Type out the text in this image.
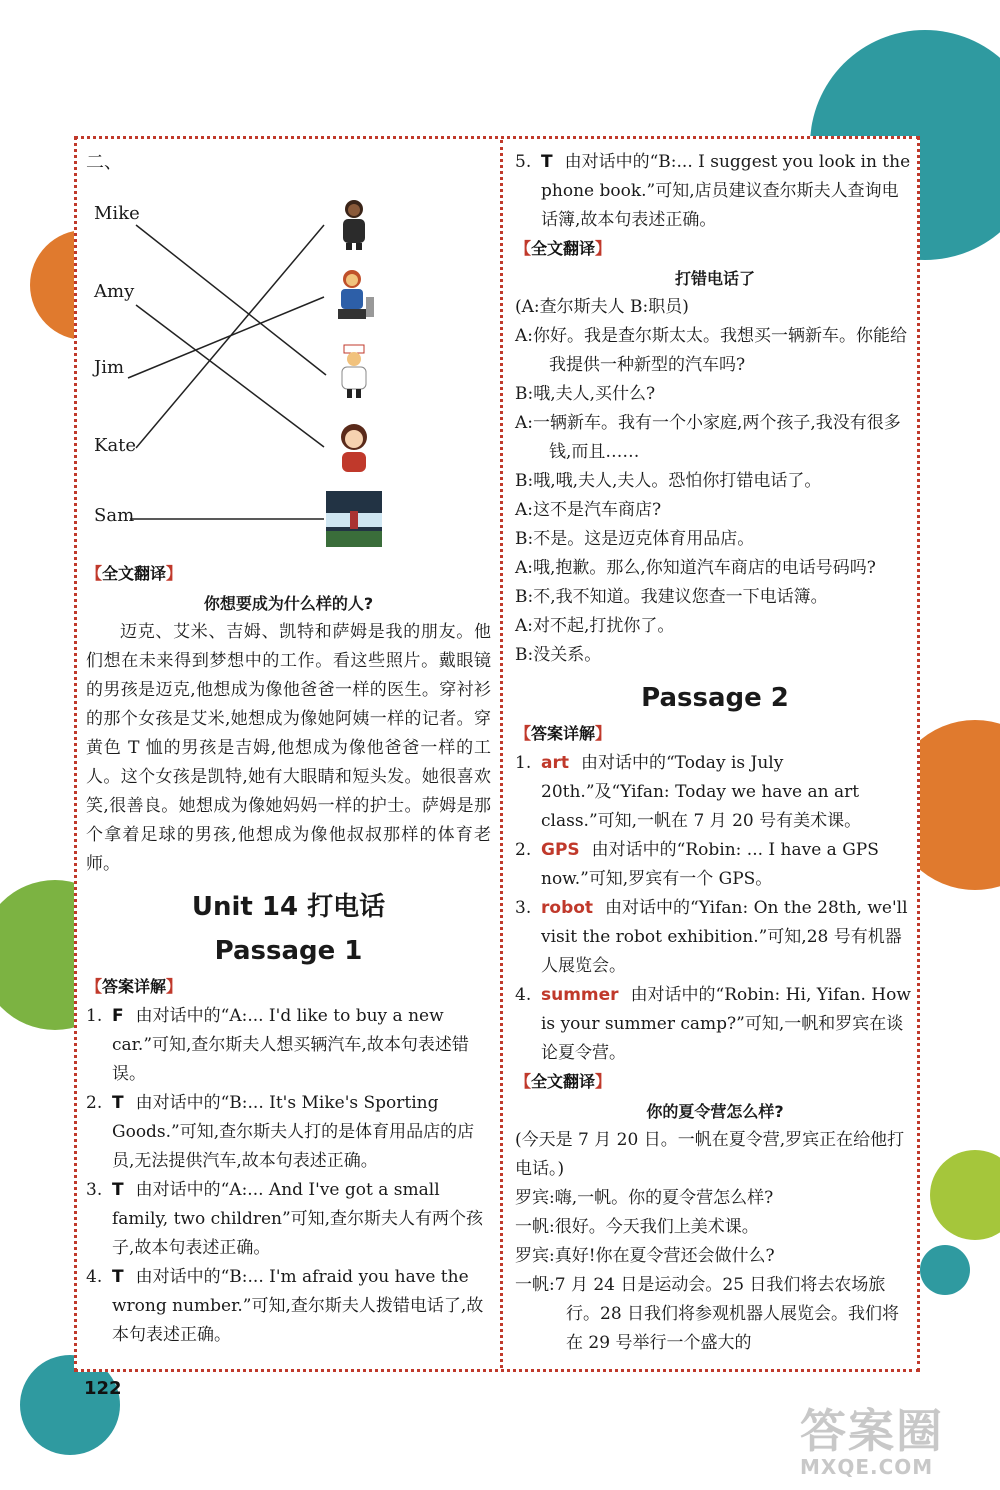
二、
Mike
Amy
Jim
Kate
Sam
【全文翻译】
你想要成为什么样的人?
迈克、艾米、吉姆、凯特和萨姆是我的朋友。他们想在未来得到梦想中的工作。看这些照片。戴眼镜的男孩是迈克,他想成为像他爸爸一样的医生。穿衬衫的那个女孩是艾米,她想成为像她阿姨一样的记者。穿黄色 T 恤的男孩是吉姆,他想成为像他爸爸一样的工人。这个女孩是凯特,她有大眼睛和短头发。她很喜欢笑,很善良。她想成为像她妈妈一样的护士。萨姆是那个拿着足球的男孩,他想成为像他叔叔那样的体育老师。
Unit 14 打电话
Passage 1
【答案详解】
1. F 由对话中的“A:... I'd like to buy a new car.”可知,查尔斯夫人想买辆汽车,故本句表述错误。
2. T 由对话中的“B:... It's Mike's Sporting Goods.”可知,查尔斯夫人打的是体育用品店的店员,无法提供汽车,故本句表述正确。
3. T 由对话中的“A:... And I've got a small family, two children”可知,查尔斯夫人有两个孩子,故本句表述正确。
4. T 由对话中的“B:... I'm afraid you have the wrong number.”可知,查尔斯夫人拨错电话了,故本句表述正确。
5. T 由对话中的“B:... I suggest you look in the phone book.”可知,店员建议查尔斯夫人查询电话簿,故本句表述正确。
【全文翻译】
打错电话了
(A:查尔斯夫人 B:职员)
A:你好。我是查尔斯太太。我想买一辆新车。你能给我提供一种新型的汽车吗?
B:哦,夫人,买什么?
A:一辆新车。我有一个小家庭,两个孩子,我没有很多钱,而且……
B:哦,哦,夫人,夫人。恐怕你打错电话了。
A:这不是汽车商店?
B:不是。这是迈克体育用品店。
A:哦,抱歉。那么,你知道汽车商店的电话号码吗?
B:不,我不知道。我建议您查一下电话簿。
A:对不起,打扰你了。
B:没关系。
Passage 2
【答案详解】
1. art 由对话中的“Today is July 20th.”及“Yifan: Today we have an art class.”可知,一帆在 7 月 20 号有美术课。
2. GPS 由对话中的“Robin: ... I have a GPS now.”可知,罗宾有一个 GPS。
3. robot 由对话中的“Yifan: On the 28th, we'll visit the robot exhibition.”可知,28 号有机器人展览会。
4. summer 由对话中的“Robin: Hi, Yifan. How is your summer camp?”可知,一帆和罗宾在谈论夏令营。
【全文翻译】
你的夏令营怎么样?
(今天是 7 月 20 日。一帆在夏令营,罗宾正在给他打电话。)
罗宾:嗨,一帆。你的夏令营怎么样?
一帆:很好。今天我们上美术课。
罗宾:真好!你在夏令营还会做什么?
一帆:7 月 24 日是运动会。25 日我们将去农场旅行。28 日我们将参观机器人展览会。我们将在 29 号举行一个盛大的
122
答案圈
MXQE.COM
